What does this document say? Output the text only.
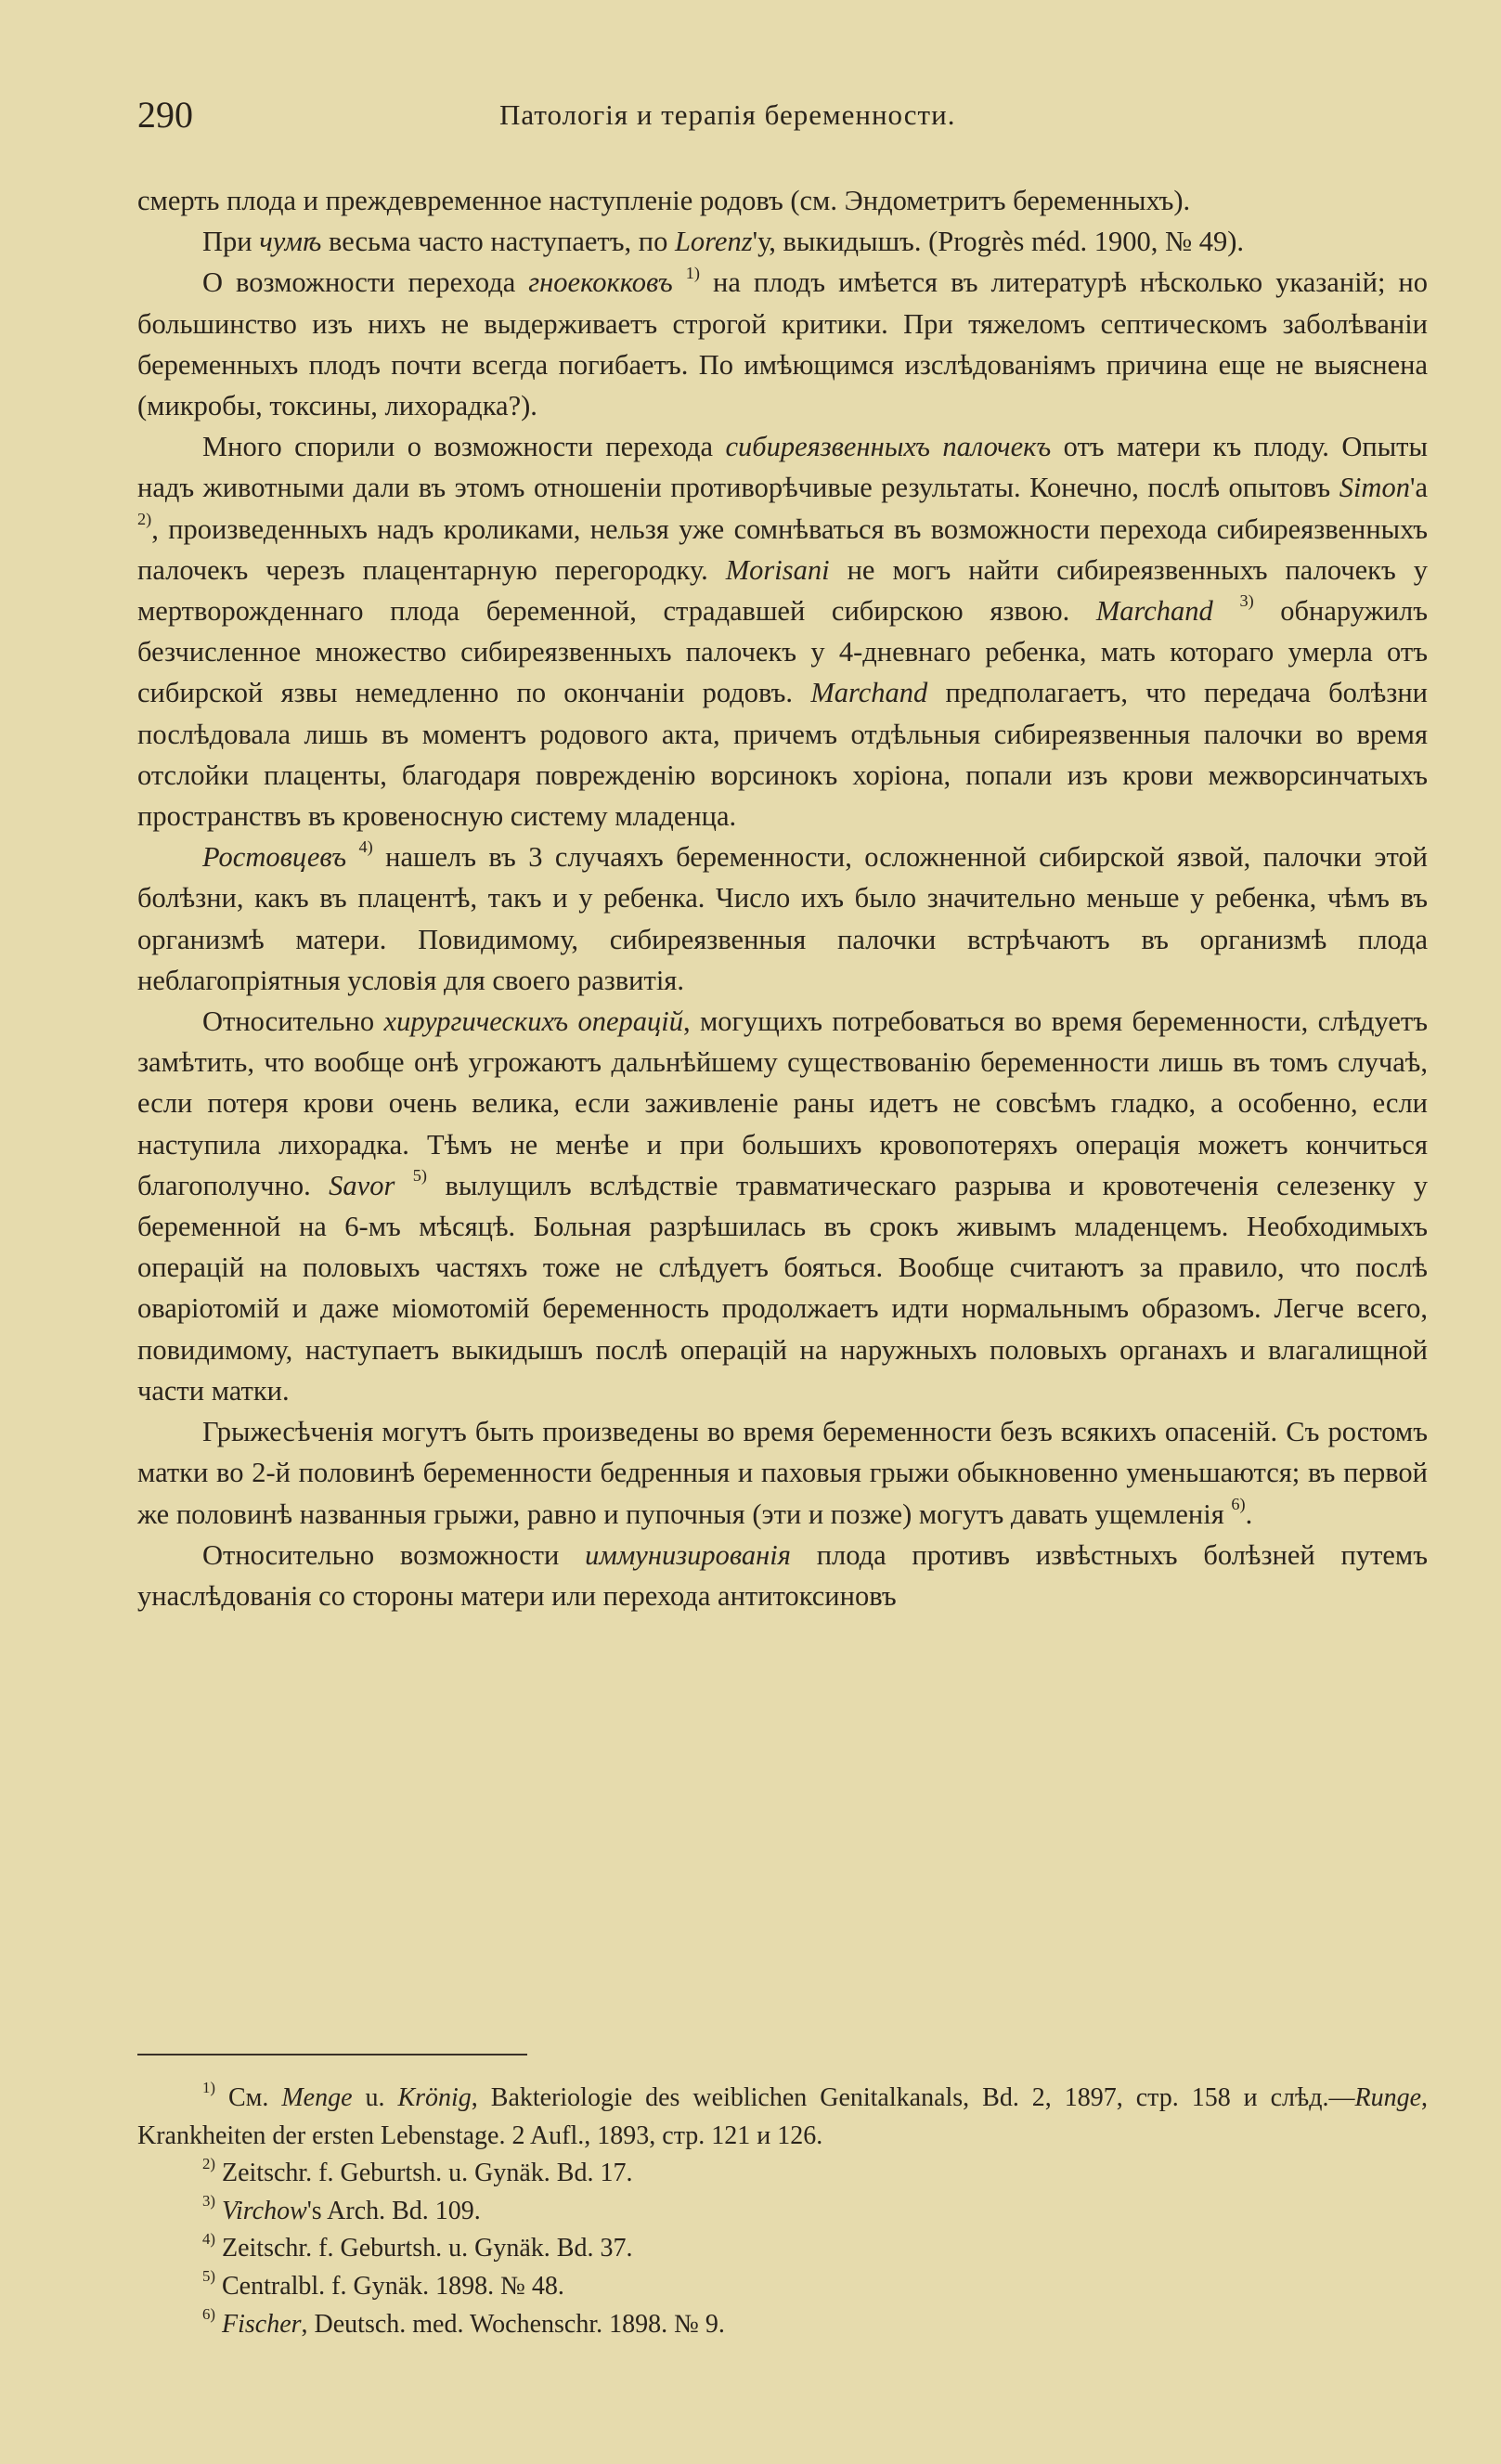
290	Патологія и терапія беременности.

смерть плода и преждевременное наступленіе родовъ (см. Эндометритъ беременныхъ).

При чумѣ весьма часто наступаетъ, по Lorenz'у, выкидышъ. (Progrès méd. 1900, № 49).

О возможности перехода гноекокковъ $^{1)}$ на плодъ имѣется въ литературѣ нѣсколько указаній; но большинство изъ нихъ не выдерживаетъ строгой критики. При тяжеломъ септическомъ заболѣваніи беременныхъ плодъ почти всегда погибаетъ. По имѣющимся изслѣдованіямъ причина еще не выяснена (микробы, токсины, лихорадка?).

Много спорили о возможности перехода сибиреязвенныхъ палочекъ отъ матери къ плоду. Опыты надъ животными дали въ этомъ отношеніи противорѣчивые результаты. Конечно, послѣ опытовъ Simon'а $^{2)}$, произведенныхъ надъ кроликами, нельзя уже сомнѣваться въ возможности перехода сибиреязвенныхъ палочекъ черезъ плацентарную перегородку. Morisani не могъ найти сибиреязвенныхъ палочекъ у мертворожденнаго плода беременной, страдавшей сибирскою язвою. Marchand $^{3)}$ обнаружилъ безчисленное множество сибиреязвенныхъ палочекъ у 4-дневнаго ребенка, мать котораго умерла отъ сибирской язвы немедленно по окончаніи родовъ. Marchand предполагаетъ, что передача болѣзни послѣдовала лишь въ моментъ родового акта, причемъ отдѣльныя сибиреязвенныя палочки во время отслойки плаценты, благодаря поврежденію ворсинокъ хоріона, попали изъ крови межворсинчатыхъ пространствъ въ кровеносную систему младенца.

Ростовцевъ $^{4)}$ нашелъ въ 3 случаяхъ беременности, осложненной сибирской язвой, палочки этой болѣзни, какъ въ плацентѣ, такъ и у ребенка. Число ихъ было значительно меньше у ребенка, чѣмъ въ организмѣ матери. Повидимому, сибиреязвенныя палочки встрѣчаютъ въ организмѣ плода неблагопріятныя условія для своего развитія.

Относительно хирургическихъ операцій, могущихъ потребоваться во время беременности, слѣдуетъ замѣтить, что вообще онѣ угрожаютъ дальнѣйшему существованію беременности лишь въ томъ случаѣ, если потеря крови очень велика, если заживленіе раны идетъ не совсѣмъ гладко, а особенно, если наступила лихорадка. Тѣмъ не менѣе и при большихъ кровопотеряхъ операція можетъ кончиться благополучно. Savor $^{5)}$ вылущилъ вслѣдствіе травматическаго разрыва и кровотеченія селезенку у беременной на 6-мъ мѣсяцѣ. Больная разрѣшилась въ срокъ живымъ младенцемъ. Необходимыхъ операцій на половыхъ частяхъ тоже не слѣдуетъ бояться. Вообще считаютъ за правило, что послѣ оваріотомій и даже міомотомій беременность продолжаетъ идти нормальнымъ образомъ. Легче всего, повидимому, наступаетъ выкидышъ послѣ операцій на наружныхъ половыхъ органахъ и влагалищной части матки.

Грыжесѣченія могутъ быть произведены во время беременности безъ всякихъ опасеній. Съ ростомъ матки во 2-й половинѣ беременности бедренныя и паховыя грыжи обыкновенно уменьшаются; въ первой же половинѣ названныя грыжи, равно и пупочныя (эти и позже) могутъ давать ущемленія $^{6)}$.

Относительно возможности иммунизированія плода противъ извѣстныхъ болѣзней путемъ унаслѣдованія со стороны матери или перехода антитоксиновъ

$^{1)}$ См. Menge u. Krönig, Bakteriologie des weiblichen Genitalkanals, Bd. 2, 1897, стр. 158 и слѣд.—Runge, Krankheiten der ersten Lebenstage. 2 Aufl., 1893, стр. 121 и 126.

$^{2)}$ Zeitschr. f. Geburtsh. u. Gynäk. Bd. 17.

$^{3)}$ Virchow's Arch. Bd. 109.

$^{4)}$ Zeitschr. f. Geburtsh. u. Gynäk. Bd. 37.

$^{5)}$ Centralbl. f. Gynäk. 1898. № 48.

$^{6)}$ Fischer, Deutsch. med. Wochenschr. 1898. № 9.
